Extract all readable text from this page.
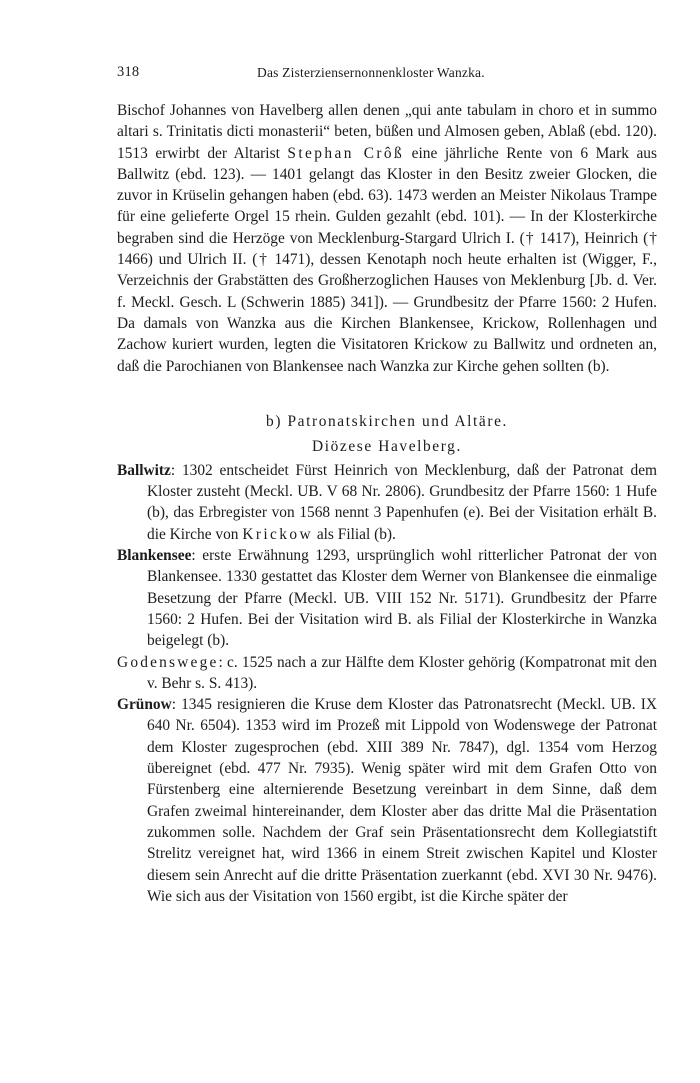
318	Das Zisterziensernonnenkloster Wanzka.

Bischof Johannes von Havelberg allen denen „qui ante tabulam in choro et in summo altari s. Trinitatis dicti monasterii“ beten, büßen und Almosen geben, Ablaß (ebd. 120). 1513 erwirbt der Altarist Stephan Crôß eine jährliche Rente von 6 Mark aus Ballwitz (ebd. 123). — 1401 gelangt das Kloster in den Besitz zweier Glocken, die zuvor in Krüselin gehangen haben (ebd. 63). 1473 werden an Meister Nikolaus Trampe für eine gelieferte Orgel 15 rhein. Gulden gezahlt (ebd. 101). — In der Klosterkirche begraben sind die Herzöge von Mecklenburg-Stargard Ulrich I. († 1417), Heinrich († 1466) und Ulrich II. († 1471), dessen Kenotaph noch heute erhalten ist (Wigger, F., Verzeichnis der Grabstätten des Großherzoglichen Hauses von Meklenburg [Jb. d. Ver. f. Meckl. Gesch. L (Schwerin 1885) 341]). — Grundbesitz der Pfarre 1560: 2 Hufen. Da damals von Wanzka aus die Kirchen Blankensee, Krickow, Rollenhagen und Zachow kuriert wurden, legten die Visitatoren Krickow zu Ballwitz und ordneten an, daß die Parochianen von Blankensee nach Wanzka zur Kirche gehen sollten (b).

b) Patronatskirchen und Altäre.
Diözese Havelberg.

Ballwitz: 1302 entscheidet Fürst Heinrich von Mecklenburg, daß der Patronat dem Kloster zusteht (Meckl. UB. V 68 Nr. 2806). Grundbesitz der Pfarre 1560: 1 Hufe (b), das Erbregister von 1568 nennt 3 Papenhufen (e). Bei der Visitation erhält B. die Kirche von Krickow als Filial (b).

Blankensee: erste Erwähnung 1293, ursprünglich wohl ritterlicher Patronat der von Blankensee. 1330 gestattet das Kloster dem Werner von Blankensee die einmalige Besetzung der Pfarre (Meckl. UB. VIII 152 Nr. 5171). Grundbesitz der Pfarre 1560: 2 Hufen. Bei der Visitation wird B. als Filial der Klosterkirche in Wanzka beigelegt (b).

Godenswege: c. 1525 nach a zur Hälfte dem Kloster gehörig (Kompatronat mit den v. Behr s. S. 413).

Grünow: 1345 resignieren die Kruse dem Kloster das Patronatsrecht (Meckl. UB. IX 640 Nr. 6504). 1353 wird im Prozeß mit Lippold von Wodenswege der Patronat dem Kloster zugesprochen (ebd. XIII 389 Nr. 7847), dgl. 1354 vom Herzog übereignet (ebd. 477 Nr. 7935). Wenig später wird mit dem Grafen Otto von Fürstenberg eine alternierende Besetzung vereinbart in dem Sinne, daß dem Grafen zweimal hintereinander, dem Kloster aber das dritte Mal die Präsentation zukommen solle. Nachdem der Graf sein Präsentationsrecht dem Kollegiatstift Strelitz vereignet hat, wird 1366 in einem Streit zwischen Kapitel und Kloster diesem sein Anrecht auf die dritte Präsentation zuerkannt (ebd. XVI 30 Nr. 9476). Wie sich aus der Visitation von 1560 ergibt, ist die Kirche später der
